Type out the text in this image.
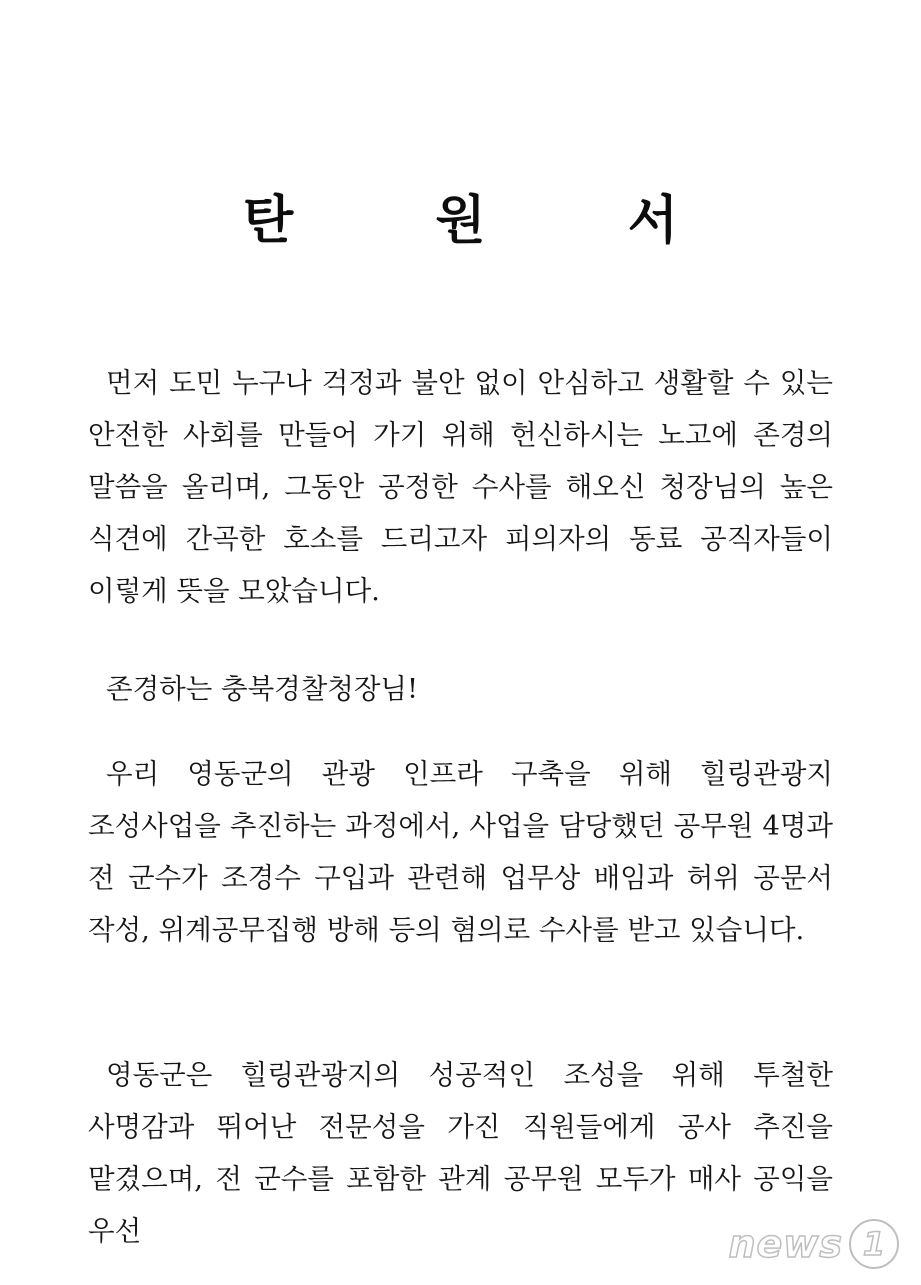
탄 원 서
먼저 도민 누구나 걱정과 불안 없이 안심하고 생활할 수 있는 안전한 사회를 만들어 가기 위해 헌신하시는 노고에 존경의 말씀을 올리며, 그동안 공정한 수사를 해오신 청장님의 높은 식견에 간곡한 호소를 드리고자 피의자의 동료 공직자들이 이렇게 뜻을 모았습니다.
존경하는 충북경찰청장님!
우리 영동군의 관광 인프라 구축을 위해 힐링관광지 조성사업을 추진하는 과정에서, 사업을 담당했던 공무원 4명과 전 군수가 조경수 구입과 관련해 업무상 배임과 허위 공문서 작성, 위계공무집행 방해 등의 혐의로 수사를 받고 있습니다.
영동군은 힐링관광지의 성공적인 조성을 위해 투철한 사명감과 뛰어난 전문성을 가진 직원들에게 공사 추진을 맡겼으며, 전 군수를 포함한 관계 공무원 모두가 매사 공익을 우선	news 1
